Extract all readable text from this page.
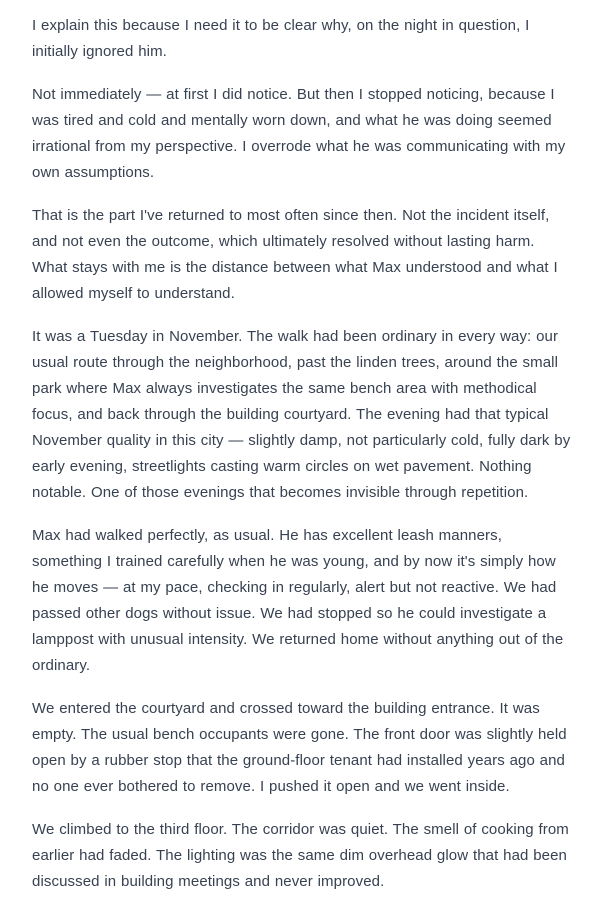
I explain this because I need it to be clear why, on the night in question, I initially ignored him.

Not immediately — at first I did notice. But then I stopped noticing, because I was tired and cold and mentally worn down, and what he was doing seemed irrational from my perspective. I overrode what he was communicating with my own assumptions.

That is the part I've returned to most often since then. Not the incident itself, and not even the outcome, which ultimately resolved without lasting harm. What stays with me is the distance between what Max understood and what I allowed myself to understand.

It was a Tuesday in November. The walk had been ordinary in every way: our usual route through the neighborhood, past the linden trees, around the small park where Max always investigates the same bench area with methodical focus, and back through the building courtyard. The evening had that typical November quality in this city — slightly damp, not particularly cold, fully dark by early evening, streetlights casting warm circles on wet pavement. Nothing notable. One of those evenings that becomes invisible through repetition.

Max had walked perfectly, as usual. He has excellent leash manners, something I trained carefully when he was young, and by now it's simply how he moves — at my pace, checking in regularly, alert but not reactive. We had passed other dogs without issue. We had stopped so he could investigate a lamppost with unusual intensity. We returned home without anything out of the ordinary.

We entered the courtyard and crossed toward the building entrance. It was empty. The usual bench occupants were gone. The front door was slightly held open by a rubber stop that the ground-floor tenant had installed years ago and no one ever bothered to remove. I pushed it open and we went inside.

We climbed to the third floor. The corridor was quiet. The smell of cooking from earlier had faded. The lighting was the same dim overhead glow that had been discussed in building meetings and never improved.
